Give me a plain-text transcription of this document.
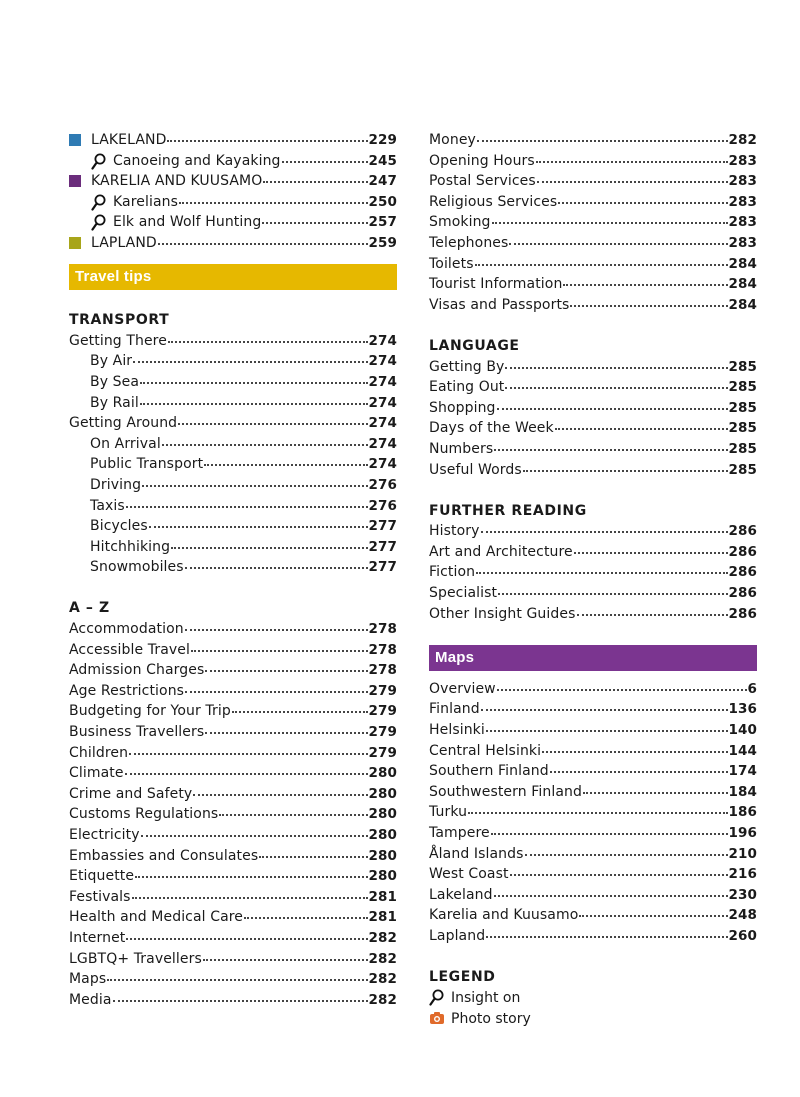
LAKELAND	229
Canoeing and Kayaking	245
KARELIA AND KUUSAMO	247
Karelians	250
Elk and Wolf Hunting	257
LAPLAND	259
Travel tips
TRANSPORT
Getting There	274
By Air	274
By Sea	274
By Rail	274
Getting Around	274
On Arrival	274
Public Transport	274
Driving	276
Taxis	276
Bicycles	277
Hitchhiking	277
Snowmobiles	277
A – Z
Accommodation	278
Accessible Travel	278
Admission Charges	278
Age Restrictions	279
Budgeting for Your Trip	279
Business Travellers	279
Children	279
Climate	280
Crime and Safety	280
Customs Regulations	280
Electricity	280
Embassies and Consulates	280
Etiquette	280
Festivals	281
Health and Medical Care	281
Internet	282
LGBTQ+ Travellers	282
Maps	282
Media	282
Money	282
Opening Hours	283
Postal Services	283
Religious Services	283
Smoking	283
Telephones	283
Toilets	284
Tourist Information	284
Visas and Passports	284
LANGUAGE
Getting By	285
Eating Out	285
Shopping	285
Days of the Week	285
Numbers	285
Useful Words	285
FURTHER READING
History	286
Art and Architecture	286
Fiction	286
Specialist	286
Other Insight Guides	286
Maps
Overview	6
Finland	136
Helsinki	140
Central Helsinki	144
Southern Finland	174
Southwestern Finland	184
Turku	186
Tampere	196
Åland Islands	210
West Coast	216
Lakeland	230
Karelia and Kuusamo	248
Lapland	260
LEGEND
Insight on
Photo story
